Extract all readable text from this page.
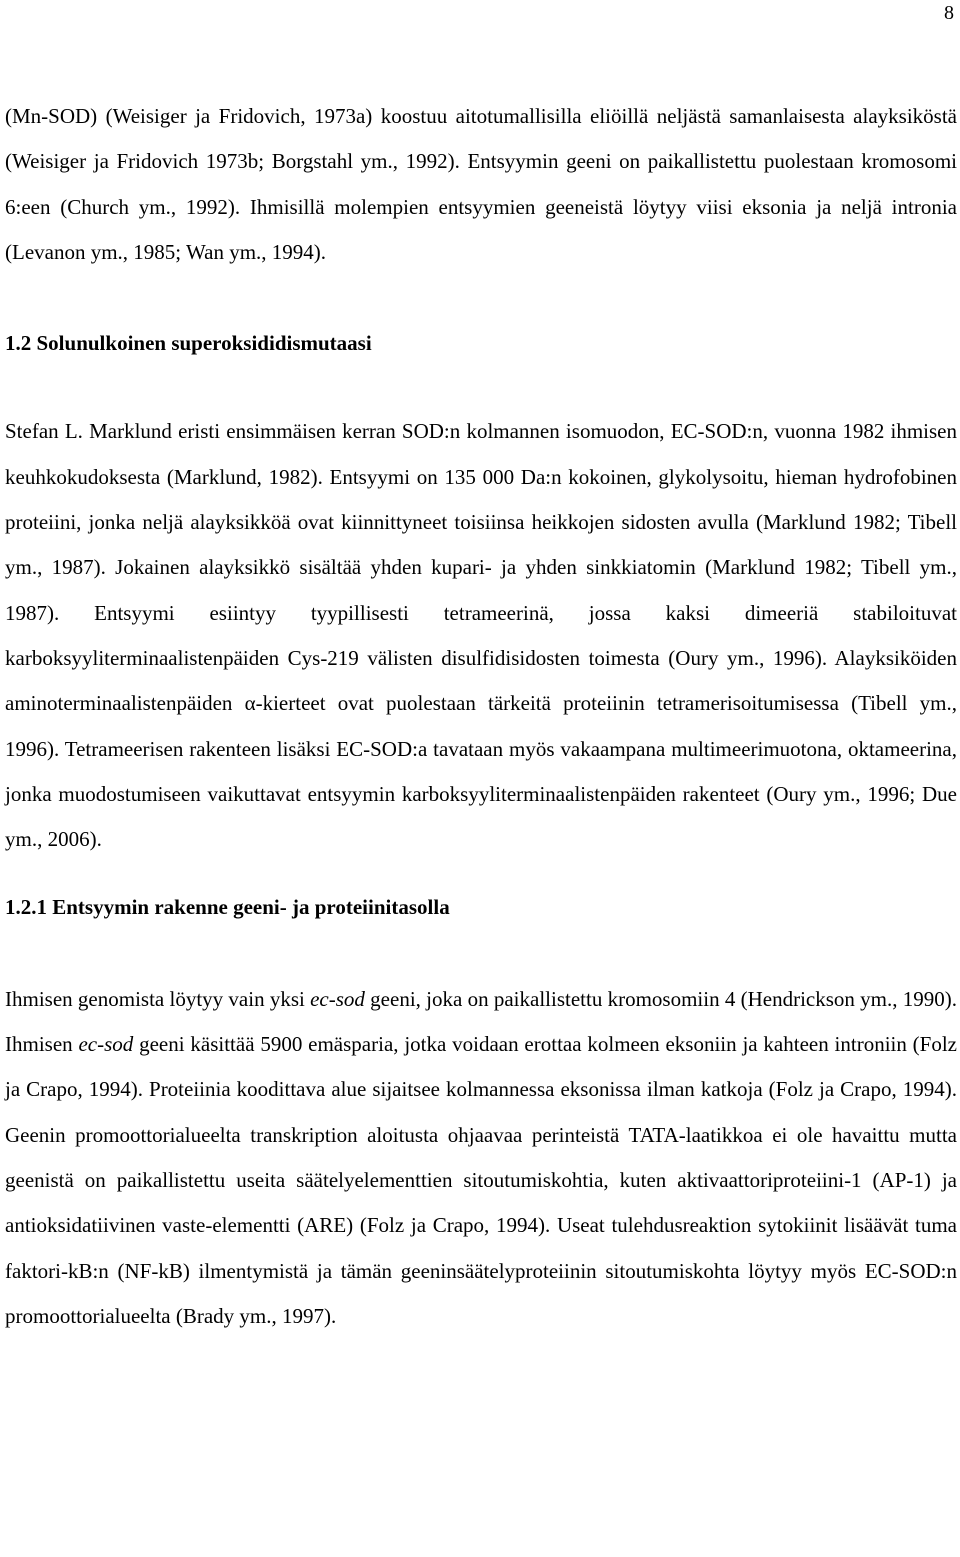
8

(Mn-SOD) (Weisiger ja Fridovich, 1973a) koostuu aitotumallisilla eliöillä neljästä samanlaisesta alayksiköstä (Weisiger ja Fridovich 1973b; Borgstahl ym., 1992). Entsyymin geeni on paikallistettu puolestaan kromosomi 6:een (Church ym., 1992). Ihmisillä molempien entsyymien geeneistä löytyy viisi eksonia ja neljä intronia (Levanon ym., 1985; Wan ym., 1994).

1.2 Solunulkoinen superoksididismutaasi

Stefan L. Marklund eristi ensimmäisen kerran SOD:n kolmannen isomuodon, EC-SOD:n, vuonna 1982 ihmisen keuhkokudoksesta (Marklund, 1982). Entsyymi on 135 000 Da:n kokoinen, glykolysoitu, hieman hydrofobinen proteiini, jonka neljä alayksikköä ovat kiinnittyneet toisiinsa heikkojen sidosten avulla (Marklund 1982; Tibell ym., 1987). Jokainen alayksikkö sisältää yhden kupari- ja yhden sinkkiatomin (Marklund 1982; Tibell ym., 1987). Entsyymi esiintyy tyypillisesti tetrameerinä, jossa kaksi dimeeriä stabiloituvat karboksyyliterminaalistenpäiden Cys-219 välisten disulfidisidosten toimesta (Oury ym., 1996). Alayksiköiden aminoterminaalistenpäiden α-kierteet ovat puolestaan tärkeitä proteiinin tetramerisoitumisessa (Tibell ym., 1996). Tetrameerisen rakenteen lisäksi EC-SOD:a tavataan myös vakaampana multimeerimuotona, oktameerina, jonka muodostumiseen vaikuttavat entsyymin karboksyyliterminaalistenpäiden rakenteet (Oury ym., 1996; Due ym., 2006).

1.2.1 Entsyymin rakenne geeni- ja proteiinitasolla

Ihmisen genomista löytyy vain yksi ec-sod geeni, joka on paikallistettu kromosomiin 4 (Hendrickson ym., 1990). Ihmisen ec-sod geeni käsittää 5900 emäsparia, jotka voidaan erottaa kolmeen eksoniin ja kahteen introniin (Folz ja Crapo, 1994). Proteiinia koodittava alue sijaitsee kolmannessa eksonissa ilman katkoja (Folz ja Crapo, 1994). Geenin promoottorialueelta transkription aloitusta ohjaavaa perinteistä TATA-laatikkoa ei ole havaittu mutta geenistä on paikallistettu useita säätelyelementtien sitoutumiskohtia, kuten aktivaattoriproteiini-1 (AP-1) ja antioksidatiivinen vaste-elementti (ARE) (Folz ja Crapo, 1994). Useat tulehdusreaktion sytokiinit lisäävät tuma faktori-kB:n (NF-kB) ilmentymistä ja tämän geeninsäätelyproteiinin sitoutumiskohta löytyy myös EC-SOD:n promoottorialueelta (Brady ym., 1997).
